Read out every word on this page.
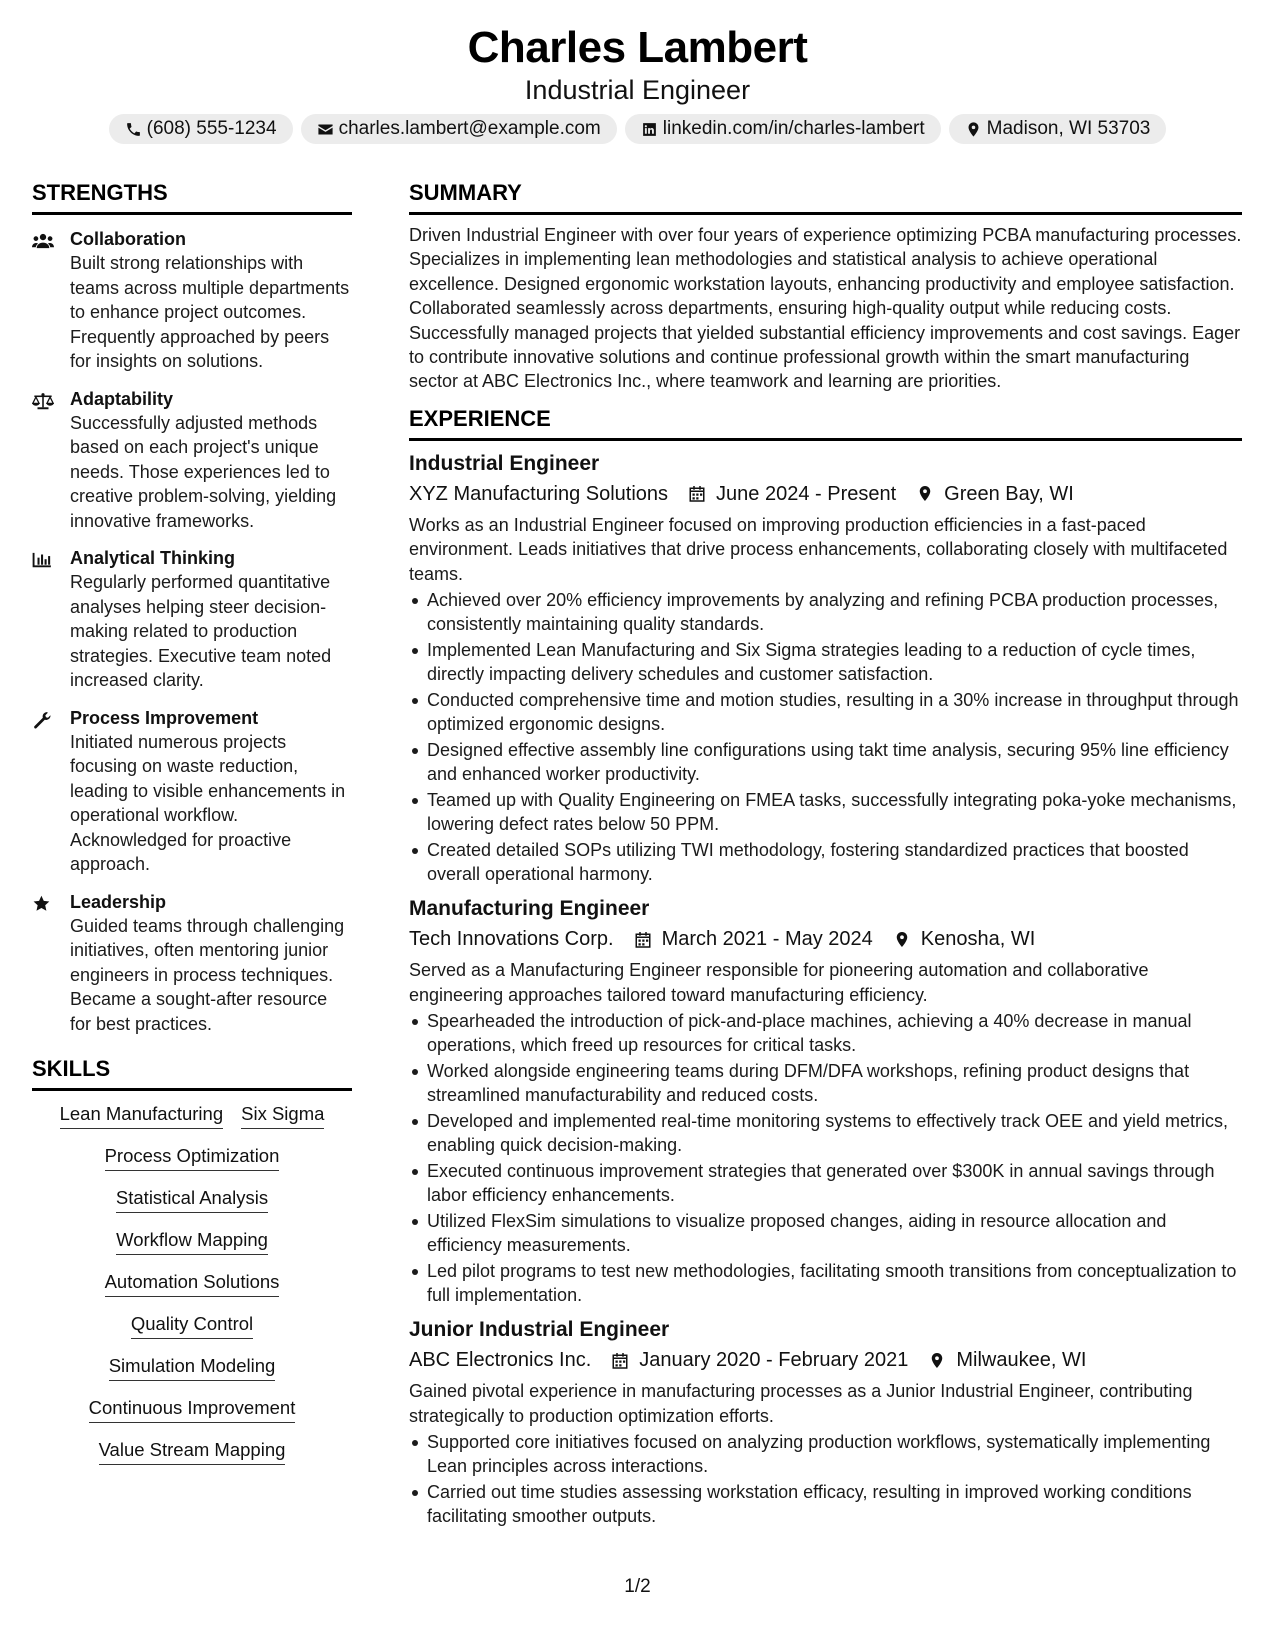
Charles Lambert
Industrial Engineer
(608) 555-1234	charles.lambert@example.com	linkedin.com/in/charles-lambert	Madison, WI 53703
STRENGTHS
Collaboration
Built strong relationships with teams across multiple departments to enhance project outcomes. Frequently approached by peers for insights on solutions.
Adaptability
Successfully adjusted methods based on each project's unique needs. Those experiences led to creative problem-solving, yielding innovative frameworks.
Analytical Thinking
Regularly performed quantitative analyses helping steer decision-making related to production strategies. Executive team noted increased clarity.
Process Improvement
Initiated numerous projects focusing on waste reduction, leading to visible enhancements in operational workflow. Acknowledged for proactive approach.
Leadership
Guided teams through challenging initiatives, often mentoring junior engineers in process techniques. Became a sought-after resource for best practices.
SKILLS
Lean Manufacturing Six Sigma
Process Optimization
Statistical Analysis
Workflow Mapping
Automation Solutions
Quality Control
Simulation Modeling
Continuous Improvement
Value Stream Mapping
SUMMARY
Driven Industrial Engineer with over four years of experience optimizing PCBA manufacturing processes. Specializes in implementing lean methodologies and statistical analysis to achieve operational excellence. Designed ergonomic workstation layouts, enhancing productivity and employee satisfaction. Collaborated seamlessly across departments, ensuring high-quality output while reducing costs. Successfully managed projects that yielded substantial efficiency improvements and cost savings. Eager to contribute innovative solutions and continue professional growth within the smart manufacturing sector at ABC Electronics Inc., where teamwork and learning are priorities.
EXPERIENCE
Industrial Engineer
XYZ Manufacturing Solutions June 2024 - Present Green Bay, WI
Works as an Industrial Engineer focused on improving production efficiencies in a fast-paced environment. Leads initiatives that drive process enhancements, collaborating closely with multifaceted teams.
Achieved over 20% efficiency improvements by analyzing and refining PCBA production processes, consistently maintaining quality standards.
Implemented Lean Manufacturing and Six Sigma strategies leading to a reduction of cycle times, directly impacting delivery schedules and customer satisfaction.
Conducted comprehensive time and motion studies, resulting in a 30% increase in throughput through optimized ergonomic designs.
Designed effective assembly line configurations using takt time analysis, securing 95% line efficiency and enhanced worker productivity.
Teamed up with Quality Engineering on FMEA tasks, successfully integrating poka-yoke mechanisms, lowering defect rates below 50 PPM.
Created detailed SOPs utilizing TWI methodology, fostering standardized practices that boosted overall operational harmony.
Manufacturing Engineer
Tech Innovations Corp. March 2021 - May 2024 Kenosha, WI
Served as a Manufacturing Engineer responsible for pioneering automation and collaborative engineering approaches tailored toward manufacturing efficiency.
Spearheaded the introduction of pick-and-place machines, achieving a 40% decrease in manual operations, which freed up resources for critical tasks.
Worked alongside engineering teams during DFM/DFA workshops, refining product designs that streamlined manufacturability and reduced costs.
Developed and implemented real-time monitoring systems to effectively track OEE and yield metrics, enabling quick decision-making.
Executed continuous improvement strategies that generated over $300K in annual savings through labor efficiency enhancements.
Utilized FlexSim simulations to visualize proposed changes, aiding in resource allocation and efficiency measurements.
Led pilot programs to test new methodologies, facilitating smooth transitions from conceptualization to full implementation.
Junior Industrial Engineer
ABC Electronics Inc. January 2020 - February 2021 Milwaukee, WI
Gained pivotal experience in manufacturing processes as a Junior Industrial Engineer, contributing strategically to production optimization efforts.
Supported core initiatives focused on analyzing production workflows, systematically implementing Lean principles across interactions.
Carried out time studies assessing workstation efficacy, resulting in improved working conditions facilitating smoother outputs.
1/2
